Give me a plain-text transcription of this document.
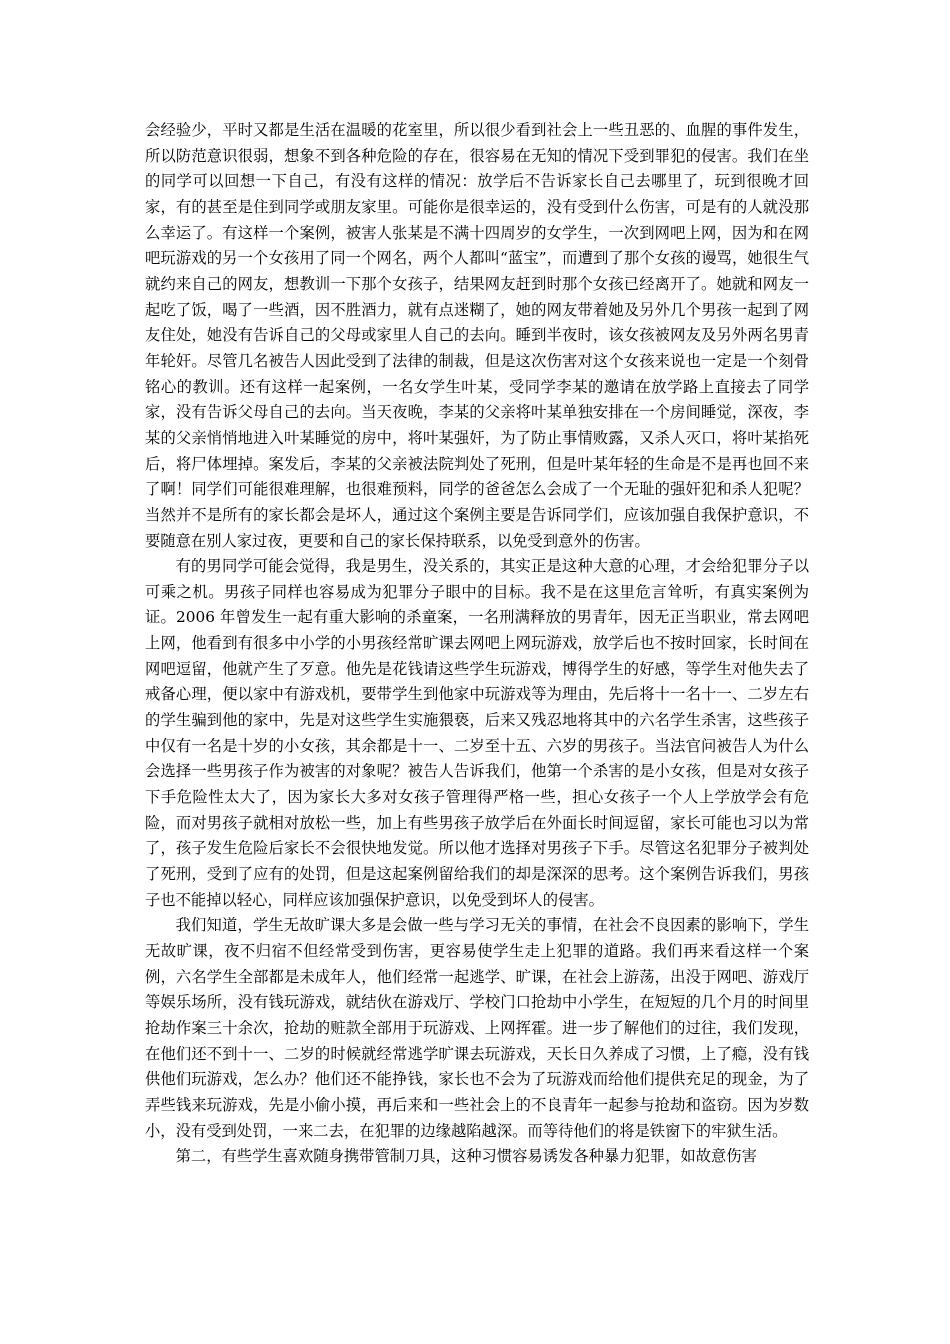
会经验少，平时又都是生活在温暖的花室里，所以很少看到社会上一些丑恶的、血腥的事件发生，所以防范意识很弱，想象不到各种危险的存在，很容易在无知的情况下受到罪犯的侵害。我们在坐的同学可以回想一下自己，有没有这样的情况：放学后不告诉家长自己去哪里了，玩到很晚才回家，有的甚至是住到同学或朋友家里。可能你是很幸运的，没有受到什么伤害，可是有的人就没那么幸运了。有这样一个案例，被害人张某是不满十四周岁的女学生，一次到网吧上网，因为和在网吧玩游戏的另一个女孩用了同一个网名，两个人都叫“蓝宝”，而遭到了那个女孩的谩骂，她很生气就约来自己的网友，想教训一下那个女孩子，结果网友赶到时那个女孩已经离开了。她就和网友一起吃了饭，喝了一些酒，因不胜酒力，就有点迷糊了，她的网友带着她及另外几个男孩一起到了网友住处，她没有告诉自己的父母或家里人自己的去向。睡到半夜时，该女孩被网友及另外两名男青年轮奸。尽管几名被告人因此受到了法律的制裁，但是这次伤害对这个女孩来说也一定是一个刻骨铭心的教训。还有这样一起案例，一名女学生叶某，受同学李某的邀请在放学路上直接去了同学家，没有告诉父母自己的去向。当天夜晚，李某的父亲将叶某单独安排在一个房间睡觉，深夜，李某的父亲悄悄地进入叶某睡觉的房中，将叶某强奸，为了防止事情败露，又杀人灭口，将叶某掐死后，将尸体埋掉。案发后，李某的父亲被法院判处了死刑，但是叶某年轻的生命是不是再也回不来了啊！同学们可能很难理解，也很难预料，同学的爸爸怎么会成了一个无耻的强奸犯和杀人犯呢？当然并不是所有的家长都会是坏人，通过这个案例主要是告诉同学们，应该加强自我保护意识，不要随意在别人家过夜，更要和自己的家长保持联系，以免受到意外的伤害。

有的男同学可能会觉得，我是男生，没关系的，其实正是这种大意的心理，才会给犯罪分子以可乘之机。男孩子同样也容易成为犯罪分子眼中的目标。我不是在这里危言耸听，有真实案例为证。2006 年曾发生一起有重大影响的杀童案，一名刑满释放的男青年，因无正当职业，常去网吧上网，他看到有很多中小学的小男孩经常旷课去网吧上网玩游戏，放学后也不按时回家，长时间在网吧逗留，他就产生了歹意。他先是花钱请这些学生玩游戏，博得学生的好感，等学生对他失去了戒备心理，便以家中有游戏机，要带学生到他家中玩游戏等为理由，先后将十一名十一、二岁左右的学生骗到他的家中，先是对这些学生实施猥亵，后来又残忍地将其中的六名学生杀害，这些孩子中仅有一名是十岁的小女孩，其余都是十一、二岁至十五、六岁的男孩子。当法官问被告人为什么会选择一些男孩子作为被害的对象呢？被告人告诉我们，他第一个杀害的是小女孩，但是对女孩子下手危险性太大了，因为家长大多对女孩子管理得严格一些，担心女孩子一个人上学放学会有危险，而对男孩子就相对放松一些，加上有些男孩子放学后在外面长时间逗留，家长可能也习以为常了，孩子发生危险后家长不会很快地发觉。所以他才选择对男孩子下手。尽管这名犯罪分子被判处了死刑，受到了应有的处罚，但是这起案例留给我们的却是深深的思考。这个案例告诉我们，男孩子也不能掉以轻心，同样应该加强保护意识，以免受到坏人的侵害。

我们知道，学生无故旷课大多是会做一些与学习无关的事情，在社会不良因素的影响下，学生无故旷课，夜不归宿不但经常受到伤害，更容易使学生走上犯罪的道路。我们再来看这样一个案例，六名学生全部都是未成年人，他们经常一起逃学、旷课，在社会上游荡，出没于网吧、游戏厅等娱乐场所，没有钱玩游戏，就结伙在游戏厅、学校门口抢劫中小学生，在短短的几个月的时间里抢劫作案三十余次，抢劫的赃款全部用于玩游戏、上网挥霍。进一步了解他们的过往，我们发现，在他们还不到十一、二岁的时候就经常逃学旷课去玩游戏，天长日久养成了习惯，上了瘾，没有钱供他们玩游戏，怎么办？他们还不能挣钱，家长也不会为了玩游戏而给他们提供充足的现金，为了弄些钱来玩游戏，先是小偷小摸，再后来和一些社会上的不良青年一起参与抢劫和盗窃。因为岁数小，没有受到处罚，一来二去，在犯罪的边缘越陷越深。而等待他们的将是铁窗下的牢狱生活。

第二，有些学生喜欢随身携带管制刀具，这种习惯容易诱发各种暴力犯罪，如故意伤害
